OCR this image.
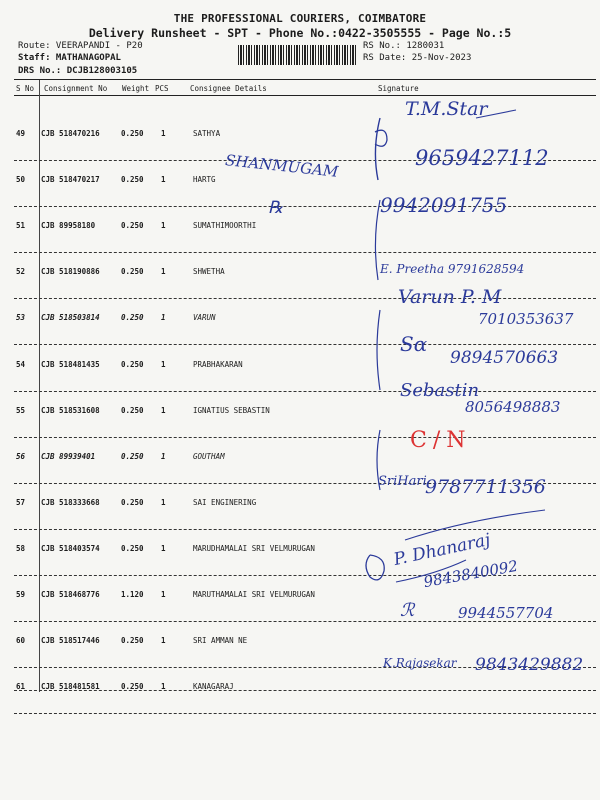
THE PROFESSIONAL COURIERS, COIMBATORE
Delivery Runsheet - SPT - Phone No.:0422-3505555 - Page No.:5
Route: VEERAPANDI - P20
Staff: MATHANAGOPAL
DRS No.: DCJB128003105
RS No.: 1280031
RS Date: 25-Nov-2023
S No Consignment No Weight PCS	Consignee Details	Signature
49 CJB 518470216	0.250 1	SATHYA
50 CJB 518470217	0.250 1	HARTG
51 CJB 89958180	0.250 1	SUMATHIMOORTHI
52 CJB 518190886	0.250 1	SHWETHA
53 CJB 518503814	0.250 1	VARUN
54 CJB 518481435	0.250 1	PRABHAKARAN
55 CJB 518531608	0.250 1	IGNATIUS SEBASTIN
56 CJB 89939401	0.250 1	GOUTHAM
57 CJB 518333668	0.250 1	SAI ENGINERING
58 CJB 518403574	0.250 1	MARUDHAMALAI SRI VELMURUGAN
59 CJB 518468776	1.120 1	MARUTHAMALAI SRI VELMURUGAN
60 CJB 518517446	0.250 1	SRI AMMAN NE
61 CJB 518481581	0.250 1	KANAGARAJ
T.M.Star
SHANMUGAM	9659427112
℞	9942091755
E. Preetha 9791628594
Varun P. M
7010353637
Sɑ
9894570663
Sebastin
8056498883
C/N
SriHari
9787711356
P. Dhanaraj
9843840092
ℛ	9944557704
K.Rajasekar 9843429882
